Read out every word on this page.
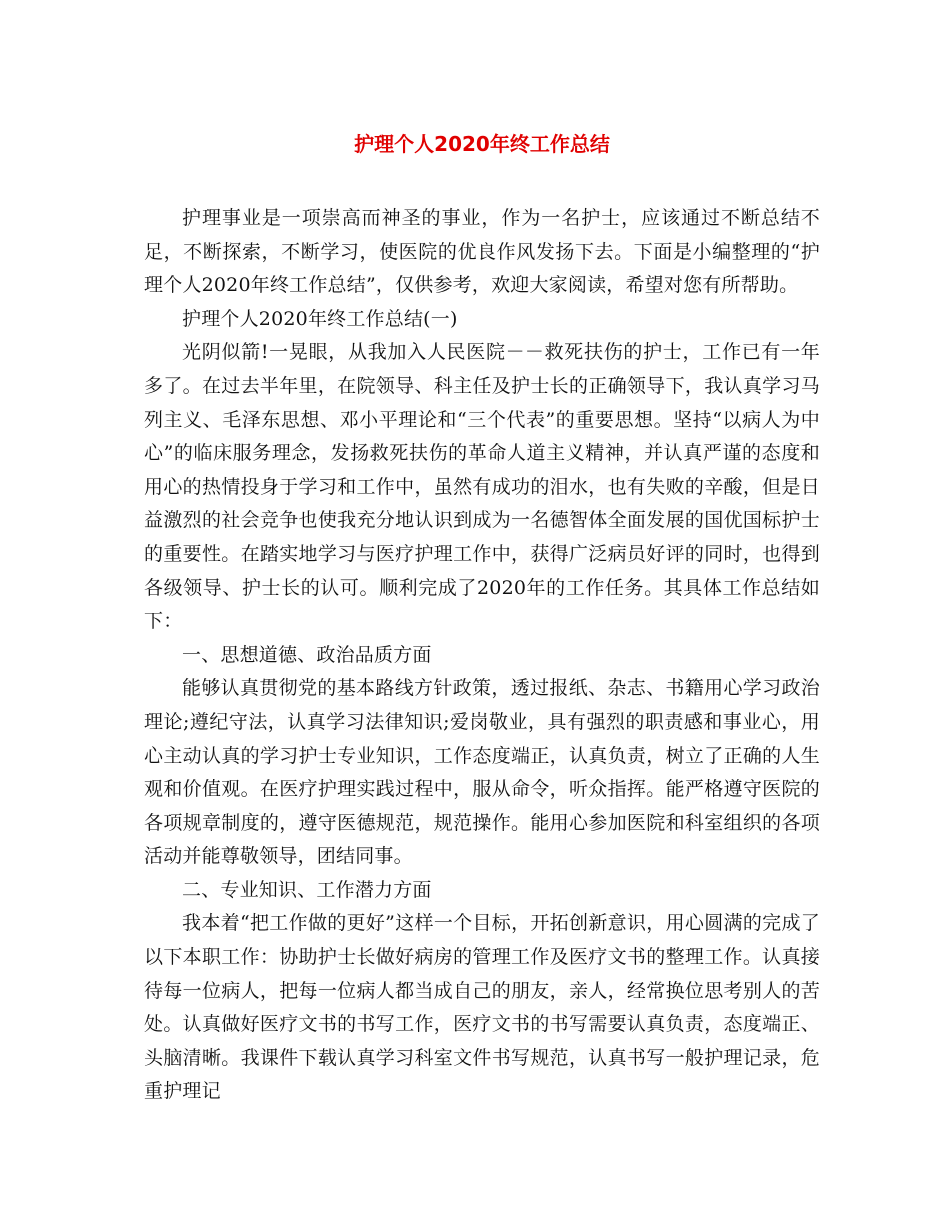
护理个人2020年终工作总结

护理事业是一项崇高而神圣的事业，作为一名护士，应该通过不断总结不足，不断探索，不断学习，使医院的优良作风发扬下去。下面是小编整理的“护理个人2020年终工作总结”，仅供参考，欢迎大家阅读，希望对您有所帮助。

护理个人2020年终工作总结(一)

光阴似箭!一晃眼，从我加入人民医院－－救死扶伤的护士，工作已有一年多了。在过去半年里，在院领导、科主任及护士长的正确领导下，我认真学习马列主义、毛泽东思想、邓小平理论和“三个代表”的重要思想。坚持“以病人为中心”的临床服务理念，发扬救死扶伤的革命人道主义精神，并认真严谨的态度和用心的热情投身于学习和工作中，虽然有成功的泪水，也有失败的辛酸，但是日益激烈的社会竞争也使我充分地认识到成为一名德智体全面发展的国优国标护士的重要性。在踏实地学习与医疗护理工作中，获得广泛病员好评的同时，也得到各级领导、护士长的认可。顺利完成了2020年的工作任务。其具体工作总结如下：

一、思想道德、政治品质方面

能够认真贯彻党的基本路线方针政策，透过报纸、杂志、书籍用心学习政治理论;遵纪守法，认真学习法律知识;爱岗敬业，具有强烈的职责感和事业心，用心主动认真的学习护士专业知识，工作态度端正，认真负责，树立了正确的人生观和价值观。在医疗护理实践过程中，服从命令，听众指挥。能严格遵守医院的各项规章制度的，遵守医德规范，规范操作。能用心参加医院和科室组织的各项活动并能尊敬领导，团结同事。

二、专业知识、工作潜力方面

我本着“把工作做的更好”这样一个目标，开拓创新意识，用心圆满的完成了以下本职工作：协助护士长做好病房的管理工作及医疗文书的整理工作。认真接待每一位病人，把每一位病人都当成自己的朋友，亲人，经常换位思考别人的苦处。认真做好医疗文书的书写工作，医疗文书的书写需要认真负责，态度端正、头脑清晰。我课件下载认真学习科室文件书写规范，认真书写一般护理记录，危重护理记
